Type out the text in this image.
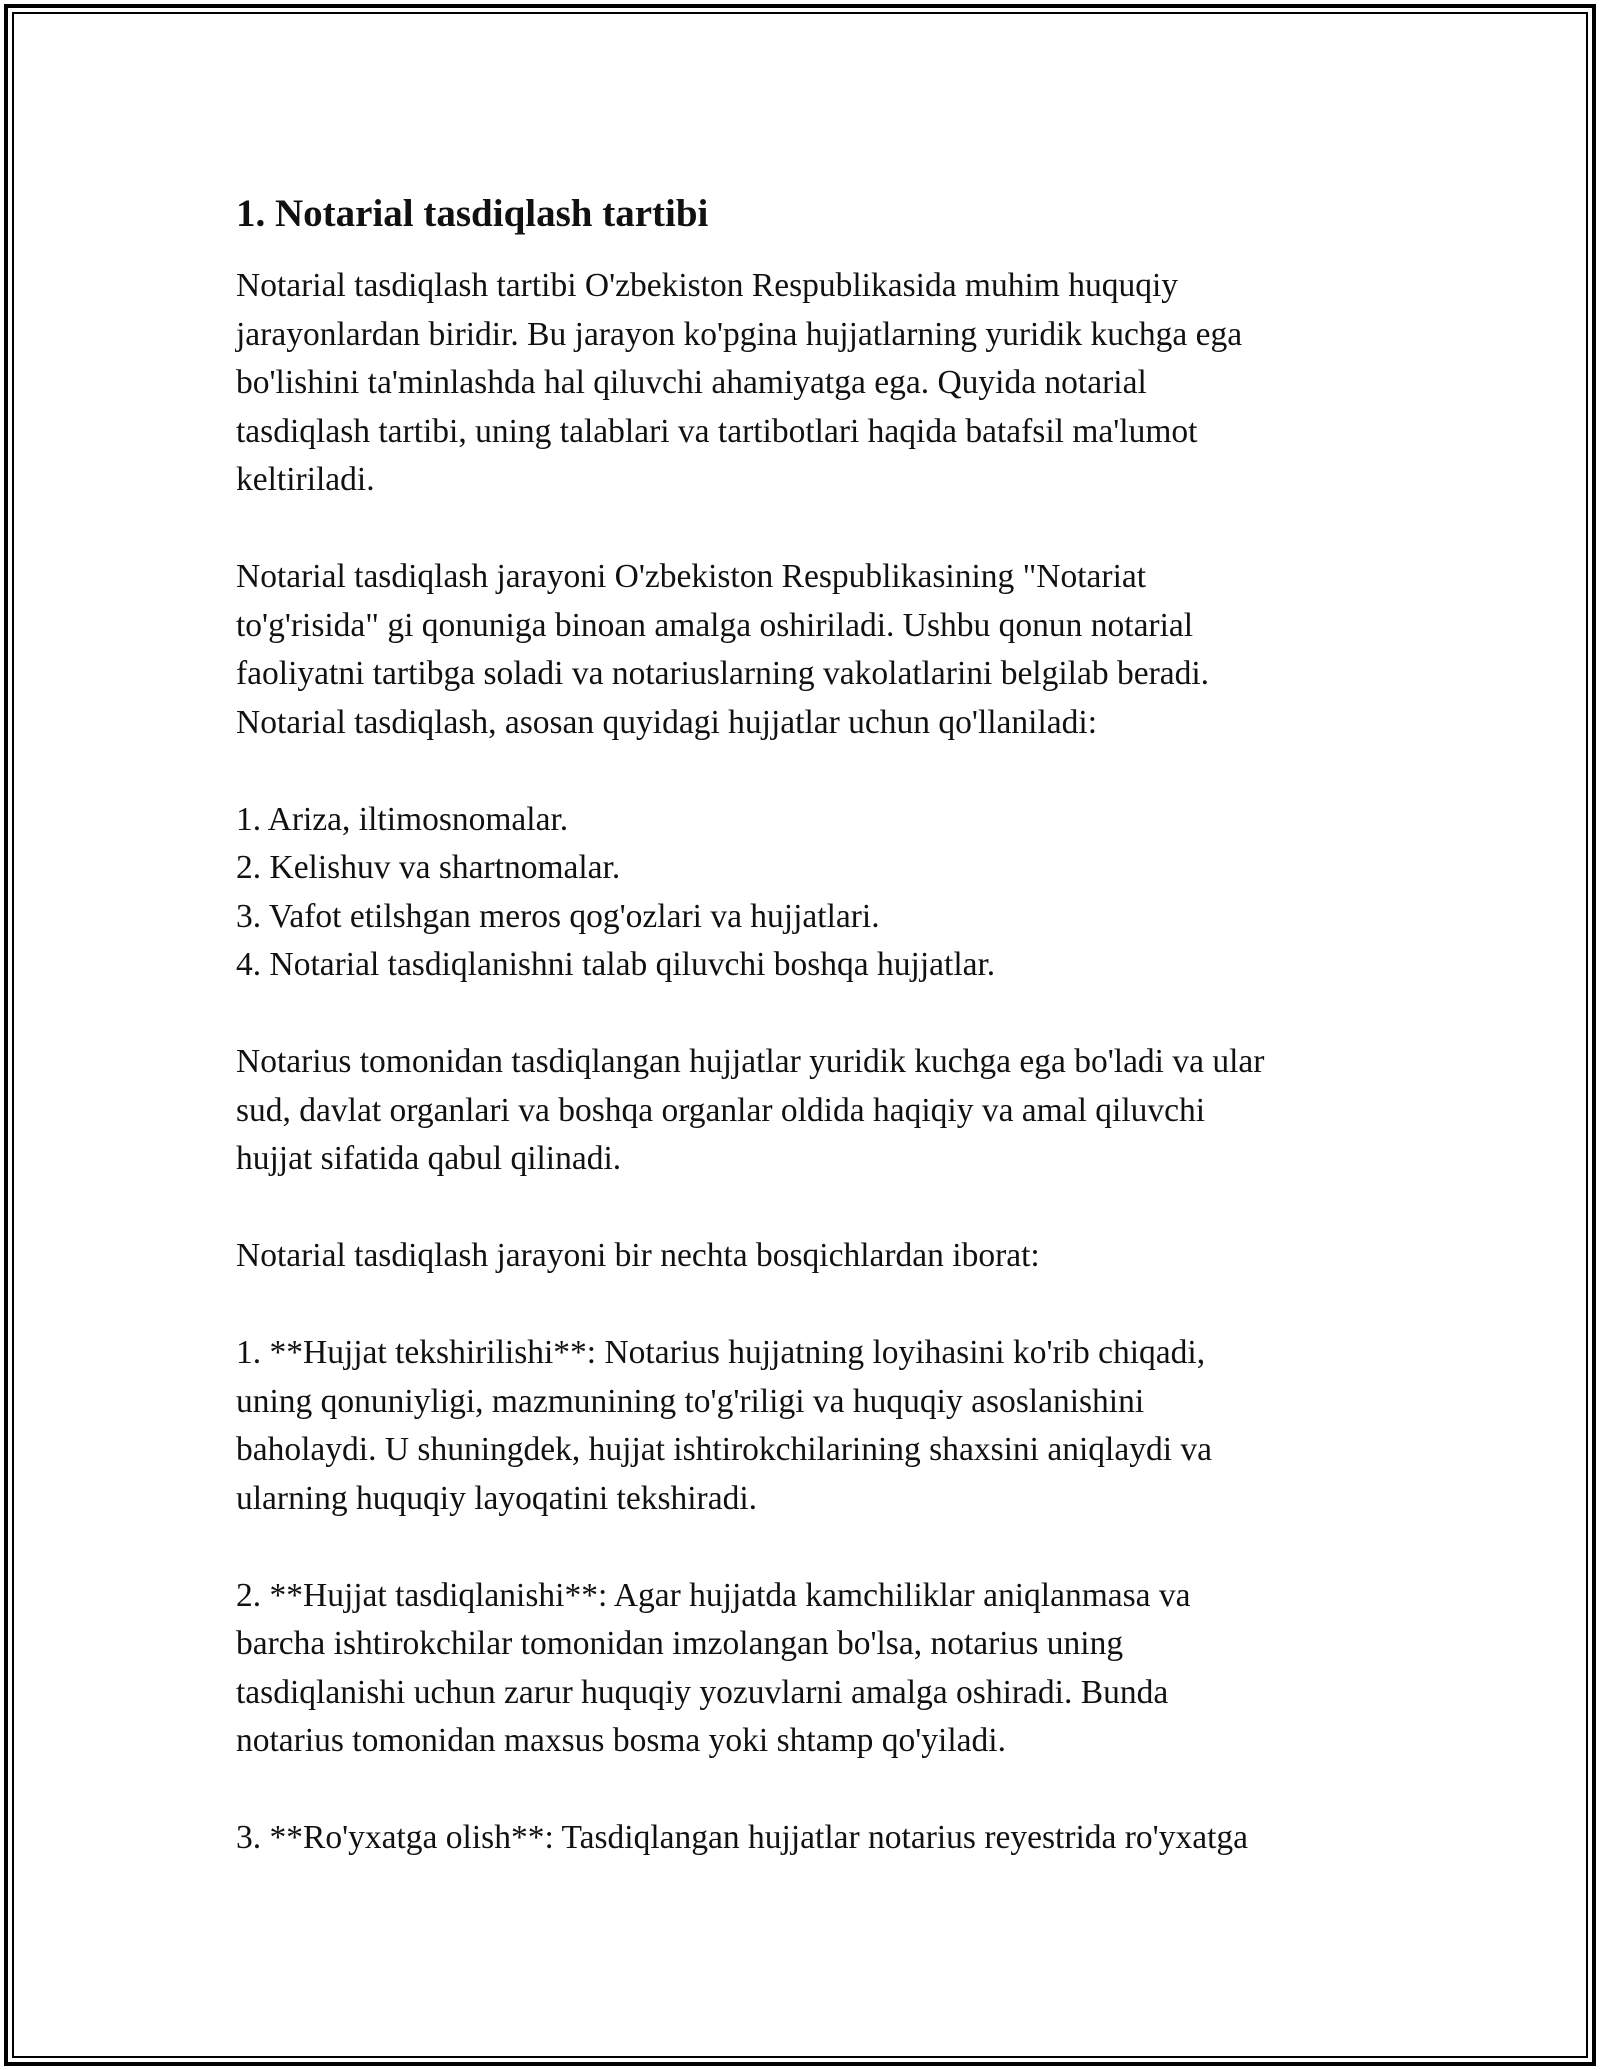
1. Notarial tasdiqlash tartibi

Notarial tasdiqlash tartibi O'zbekiston Respublikasida muhim huquqiy

jarayonlardan biridir. Bu jarayon ko'pgina hujjatlarning yuridik kuchga ega

bo'lishini ta'minlashda hal qiluvchi ahamiyatga ega. Quyida notarial

tasdiqlash tartibi, uning talablari va tartibotlari haqida batafsil ma'lumot

keltiriladi.

Notarial tasdiqlash jarayoni O'zbekiston Respublikasining "Notariat

to'g'risida" gi qonuniga binoan amalga oshiriladi. Ushbu qonun notarial

faoliyatni tartibga soladi va notariuslarning vakolatlarini belgilab beradi.

Notarial tasdiqlash, asosan quyidagi hujjatlar uchun qo'llaniladi:

1. Ariza, iltimosnomalar.

2. Kelishuv va shartnomalar.

3. Vafot etilshgan meros qog'ozlari va hujjatlari.

4. Notarial tasdiqlanishni talab qiluvchi boshqa hujjatlar.

Notarius tomonidan tasdiqlangan hujjatlar yuridik kuchga ega bo'ladi va ular

sud, davlat organlari va boshqa organlar oldida haqiqiy va amal qiluvchi

hujjat sifatida qabul qilinadi.

Notarial tasdiqlash jarayoni bir nechta bosqichlardan iborat:

1. **Hujjat tekshirilishi**: Notarius hujjatning loyihasini ko'rib chiqadi,

uning qonuniyligi, mazmunining to'g'riligi va huquqiy asoslanishini

baholaydi. U shuningdek, hujjat ishtirokchilarining shaxsini aniqlaydi va

ularning huquqiy layoqatini tekshiradi.

2. **Hujjat tasdiqlanishi**: Agar hujjatda kamchiliklar aniqlanmasa va

barcha ishtirokchilar tomonidan imzolangan bo'lsa, notarius uning

tasdiqlanishi uchun zarur huquqiy yozuvlarni amalga oshiradi. Bunda

notarius tomonidan maxsus bosma yoki shtamp qo'yiladi.

3. **Ro'yxatga olish**: Tasdiqlangan hujjatlar notarius reyestrida ro'yxatga
